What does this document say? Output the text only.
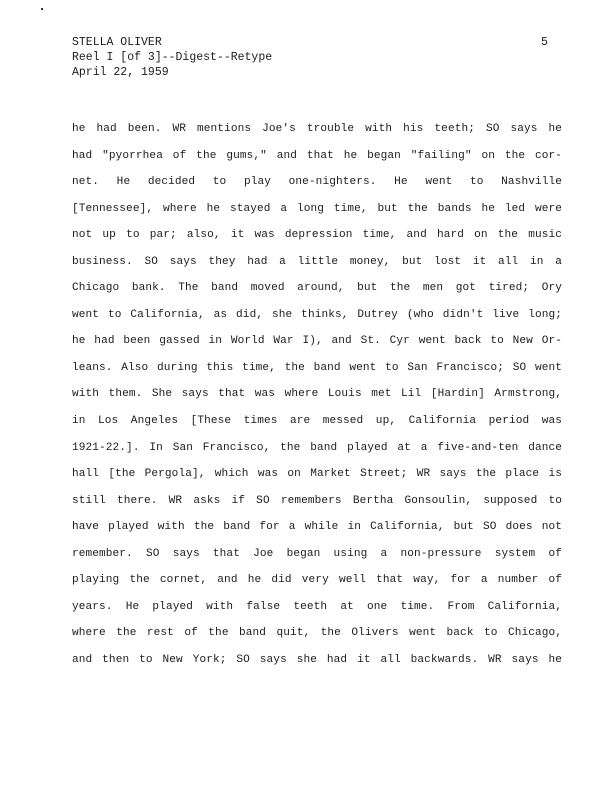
STELLA OLIVER
Reel I [of 3]--Digest--Retype
April 22, 1959
5
he had been. WR mentions Joe's trouble with his teeth; SO says he
had "pyorrhea of the gums," and that he began "failing" on the cor-
net. He decided to play one-nighters. He went to Nashville
[Tennessee], where he stayed a long time, but the bands he led were
not up to par; also, it was depression time, and hard on the music
business. SO says they had a little money, but lost it all in a
Chicago bank. The band moved around, but the men got tired; Ory
went to California, as did, she thinks, Dutrey (who didn't live long;
he had been gassed in World War I), and St. Cyr went back to New Or-
leans. Also during this time, the band went to San Francisco; SO went
with them. She says that was where Louis met Lil [Hardin] Armstrong,
in Los Angeles [These times are messed up, California period was
1921-22.]. In San Francisco, the band played at a five-and-ten dance
hall [the Pergola], which was on Market Street; WR says the place is
still there. WR asks if SO remembers Bertha Gonsoulin, supposed to
have played with the band for a while in California, but SO does not
remember. SO says that Joe began using a non-pressure system of
playing the cornet, and he did very well that way, for a number of
years. He played with false teeth at one time. From California,
where the rest of the band quit, the Olivers went back to Chicago,
and then to New York; SO says she had it all backwards. WR says he
